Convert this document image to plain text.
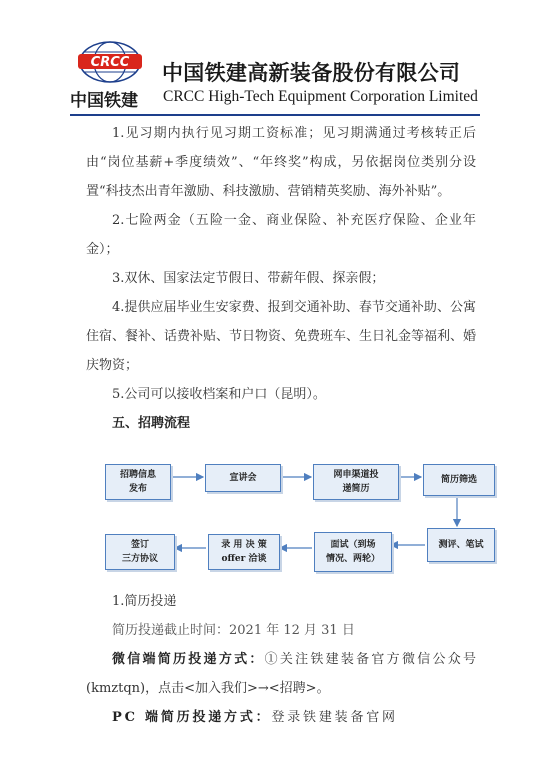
CRCC
中国铁建
中国铁建高新装备股份有限公司
CRCC High-Tech Equipment Corporation Limited

1.见习期内执行见习期工资标准；见习期满通过考核转正后由“岗位基薪+季度绩效”、“年终奖”构成，另依据岗位类别分设置“科技杰出青年激励、科技激励、营销精英奖励、海外补贴”。

2.七险两金（五险一金、商业保险、补充医疗保险、企业年金）；

3.双休、国家法定节假日、带薪年假、探亲假；

4.提供应届毕业生安家费、报到交通补助、春节交通补助、公寓住宿、餐补、话费补贴、节日物资、免费班车、生日礼金等福利、婚庆物资；

5.公司可以接收档案和户口（昆明）。

五、招聘流程

招聘信息
发布
宣讲会	网申渠道投
递简历
简历筛选
测评、笔试
面试（到场
情况、两轮）
录 用 决 策
offer 洽谈
签订
三方协议

1.简历投递

简历投递截止时间：2021 年 12 月 31 日

微信端简历投递方式：①关注铁建装备官方微信公众号(kmztqn)，点击<加入我们>→<招聘>。

PC 端简历投递方式：登录铁建装备官网
